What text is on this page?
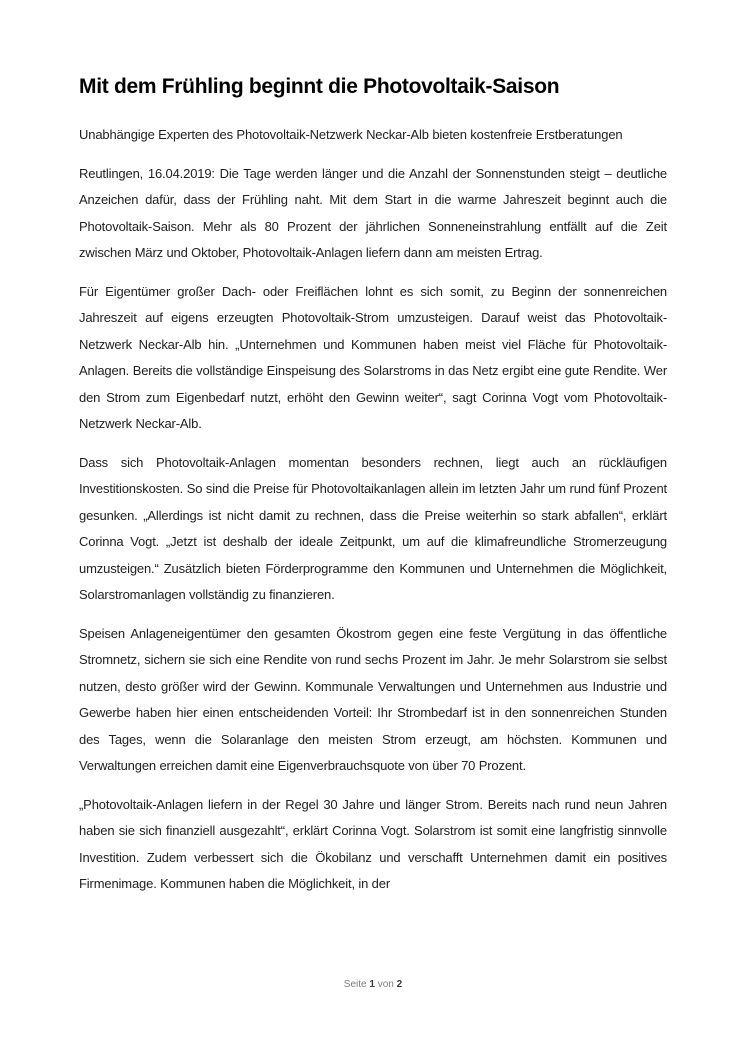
Mit dem Frühling beginnt die Photovoltaik-Saison

Unabhängige Experten des Photovoltaik-Netzwerk Neckar-Alb bieten kostenfreie Erstberatungen

Reutlingen, 16.04.2019: Die Tage werden länger und die Anzahl der Sonnenstunden steigt – deutliche Anzeichen dafür, dass der Frühling naht. Mit dem Start in die warme Jahreszeit beginnt auch die Photovoltaik-Saison. Mehr als 80 Prozent der jährlichen Sonneneinstrahlung entfällt auf die Zeit zwischen März und Oktober, Photovoltaik-Anlagen liefern dann am meisten Ertrag.

Für Eigentümer großer Dach- oder Freiflächen lohnt es sich somit, zu Beginn der sonnenreichen Jahreszeit auf eigens erzeugten Photovoltaik-Strom umzusteigen. Darauf weist das Photovoltaik-Netzwerk Neckar-Alb hin. „Unternehmen und Kommunen haben meist viel Fläche für Photovoltaik-Anlagen. Bereits die vollständige Einspeisung des Solarstroms in das Netz ergibt eine gute Rendite. Wer den Strom zum Eigenbedarf nutzt, erhöht den Gewinn weiter“, sagt Corinna Vogt vom Photovoltaik-Netzwerk Neckar-Alb.

Dass sich Photovoltaik-Anlagen momentan besonders rechnen, liegt auch an rückläufigen Investitionskosten. So sind die Preise für Photovoltaikanlagen allein im letzten Jahr um rund fünf Prozent gesunken. „Allerdings ist nicht damit zu rechnen, dass die Preise weiterhin so stark abfallen“, erklärt Corinna Vogt. „Jetzt ist deshalb der ideale Zeitpunkt, um auf die klimafreundliche Stromerzeugung umzusteigen.“ Zusätzlich bieten Förderprogramme den Kommunen und Unternehmen die Möglichkeit, Solarstromanlagen vollständig zu finanzieren.

Speisen Anlageneigentümer den gesamten Ökostrom gegen eine feste Vergütung in das öffentliche Stromnetz, sichern sie sich eine Rendite von rund sechs Prozent im Jahr. Je mehr Solarstrom sie selbst nutzen, desto größer wird der Gewinn. Kommunale Verwaltungen und Unternehmen aus Industrie und Gewerbe haben hier einen entscheidenden Vorteil: Ihr Strombedarf ist in den sonnenreichen Stunden des Tages, wenn die Solaranlage den meisten Strom erzeugt, am höchsten. Kommunen und Verwaltungen erreichen damit eine Eigenverbrauchsquote von über 70 Prozent.

„Photovoltaik-Anlagen liefern in der Regel 30 Jahre und länger Strom. Bereits nach rund neun Jahren haben sie sich finanziell ausgezahlt“, erklärt Corinna Vogt. Solarstrom ist somit eine langfristig sinnvolle Investition. Zudem verbessert sich die Ökobilanz und verschafft Unternehmen damit ein positives Firmenimage. Kommunen haben die Möglichkeit, in der

Seite 1 von 2
